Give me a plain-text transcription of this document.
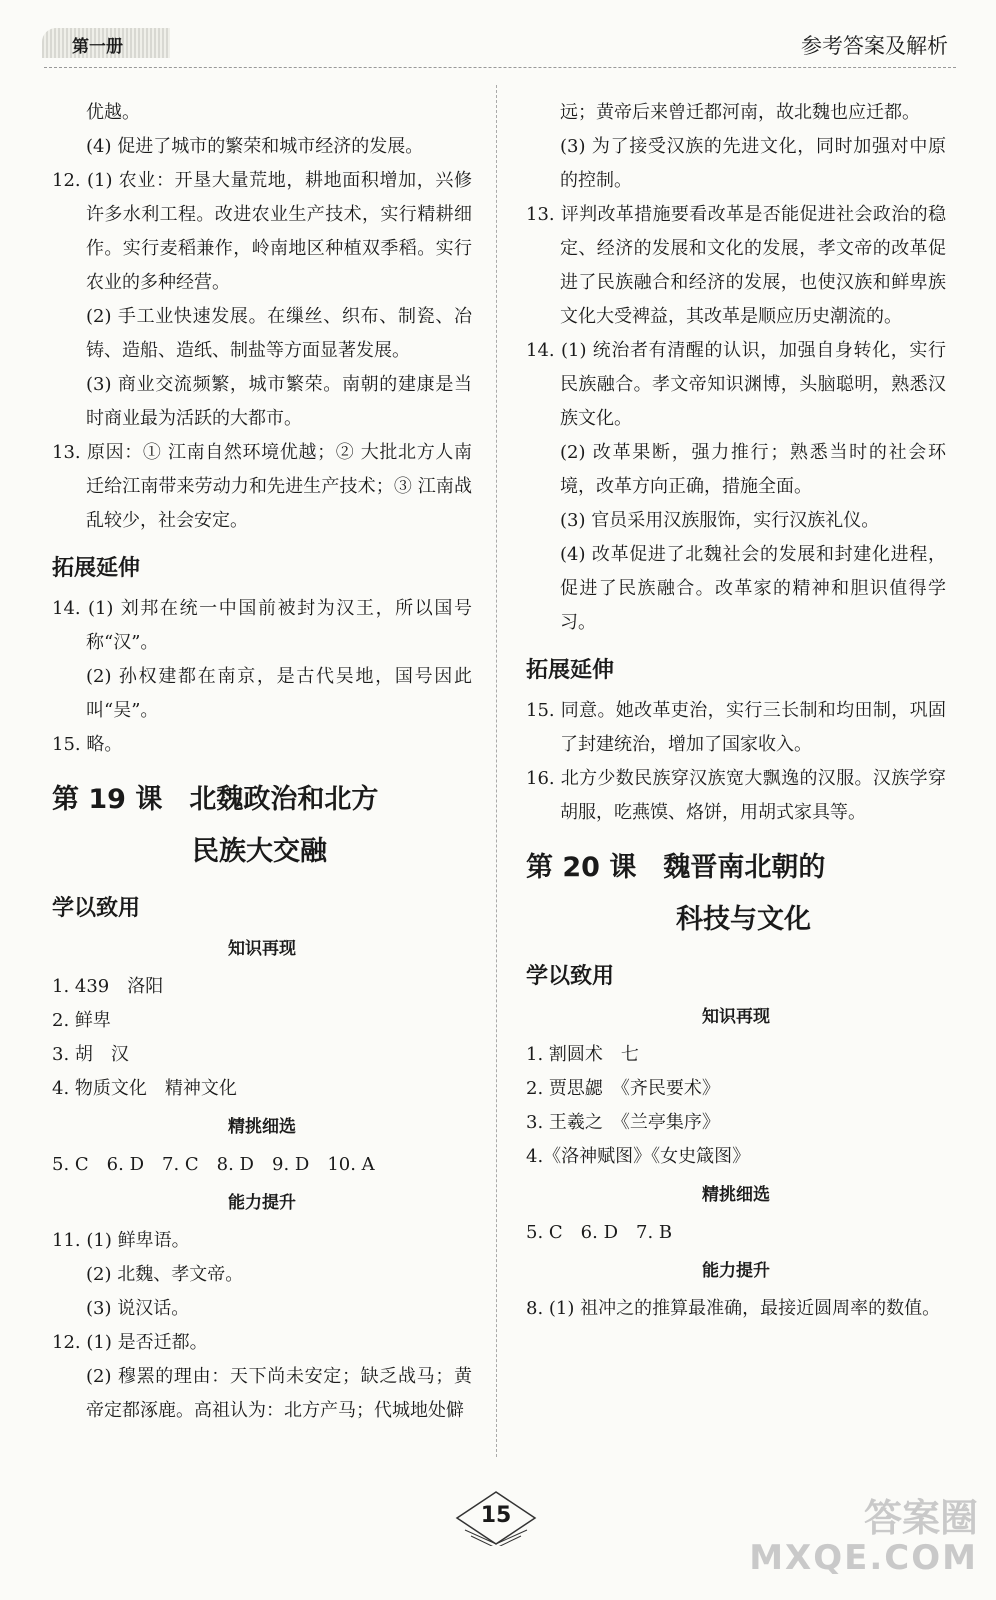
第一册	参考答案及解析

优越。

(4) 促进了城市的繁荣和城市经济的发展。

12. (1) 农业：开垦大量荒地，耕地面积增加，兴修许多水利工程。改进农业生产技术，实行精耕细作。实行麦稻兼作，岭南地区种植双季稻。实行农业的多种经营。

(2) 手工业快速发展。在缫丝、织布、制瓷、冶铸、造船、造纸、制盐等方面显著发展。

(3) 商业交流频繁，城市繁荣。南朝的建康是当时商业最为活跃的大都市。

13. 原因：① 江南自然环境优越；② 大批北方人南迁给江南带来劳动力和先进生产技术；③ 江南战乱较少，社会安定。

拓展延伸

14. (1) 刘邦在统一中国前被封为汉王，所以国号称“汉”。

(2) 孙权建都在南京，是古代吴地，国号因此叫“吴”。

15. 略。

第 19 课　北魏政治和北方
民族大交融
学以致用
知识再现

1. 439　洛阳

2. 鲜卑

3. 胡　汉

4. 物质文化　精神文化

精挑细选

5. C　6. D　7. C　8. D　9. D　10. A

能力提升

11. (1) 鲜卑语。

(2) 北魏、孝文帝。

(3) 说汉话。

12. (1) 是否迁都。

(2) 穆罴的理由：天下尚未安定；缺乏战马；黄帝定都涿鹿。高祖认为：北方产马；代城地处僻

远；黄帝后来曾迁都河南，故北魏也应迁都。

(3) 为了接受汉族的先进文化，同时加强对中原的控制。

13. 评判改革措施要看改革是否能促进社会政治的稳定、经济的发展和文化的发展，孝文帝的改革促进了民族融合和经济的发展，也使汉族和鲜卑族文化大受裨益，其改革是顺应历史潮流的。

14. (1) 统治者有清醒的认识，加强自身转化，实行民族融合。孝文帝知识渊博，头脑聪明，熟悉汉族文化。

(2) 改革果断，强力推行；熟悉当时的社会环境，改革方向正确，措施全面。

(3) 官员采用汉族服饰，实行汉族礼仪。

(4) 改革促进了北魏社会的发展和封建化进程，促进了民族融合。改革家的精神和胆识值得学习。

拓展延伸

15. 同意。她改革吏治，实行三长制和均田制，巩固了封建统治，增加了国家收入。

16. 北方少数民族穿汉族宽大飘逸的汉服。汉族学穿胡服，吃燕馍、烙饼，用胡式家具等。

第 20 课　魏晋南北朝的
科技与文化
学以致用
知识再现

1. 割圆术　七

2. 贾思勰　《齐民要术》

3. 王羲之　《兰亭集序》

4.《洛神赋图》《女史箴图》

精挑细选

5. C　6. D　7. B

能力提升

8. (1) 祖冲之的推算最准确，最接近圆周率的数值。

15	答案圈
MXQE.COM
